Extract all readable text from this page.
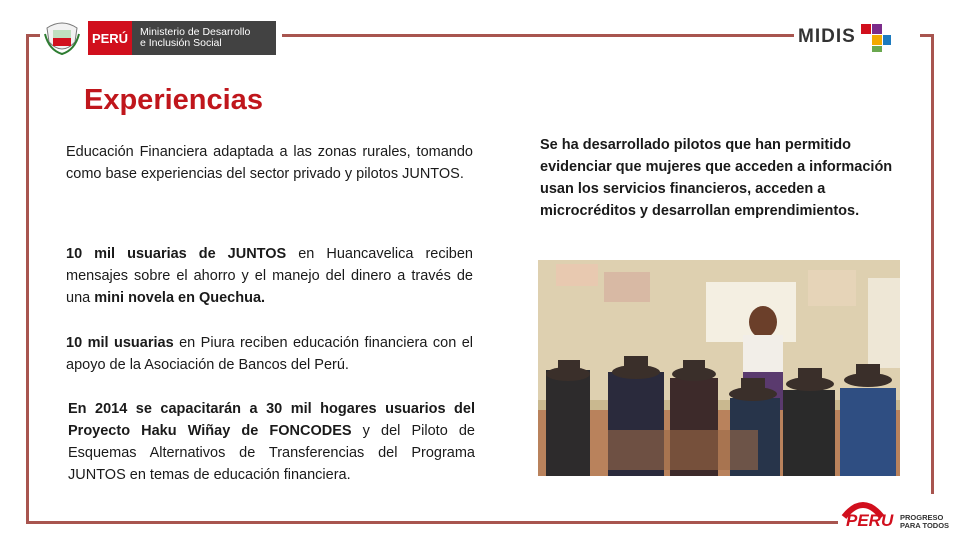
PERÚ	Ministerio de Desarrollo
e Inclusión Social	MIDIS
Experiencias

Educación Financiera adaptada a las zonas rurales, tomando como base experiencias del sector privado y pilotos JUNTOS.

10 mil usuarias de JUNTOS en Huancavelica reciben mensajes sobre el ahorro y el manejo del dinero a través de una mini novela en Quechua.

10 mil usuarias en Piura reciben educación financiera con el apoyo de la Asociación de Bancos del Perú.

En 2014 se capacitarán a 30 mil hogares usuarios del Proyecto Haku Wiñay de FONCODES y del Piloto de Esquemas Alternativos de Transferencias del Programa JUNTOS en temas de educación financiera.

Se ha desarrollado pilotos que han permitido evidenciar que mujeres que acceden a información usan los servicios financieros, acceden a microcréditos y desarrollan emprendimientos.

PERU PROGRESO
PARA TODOS
